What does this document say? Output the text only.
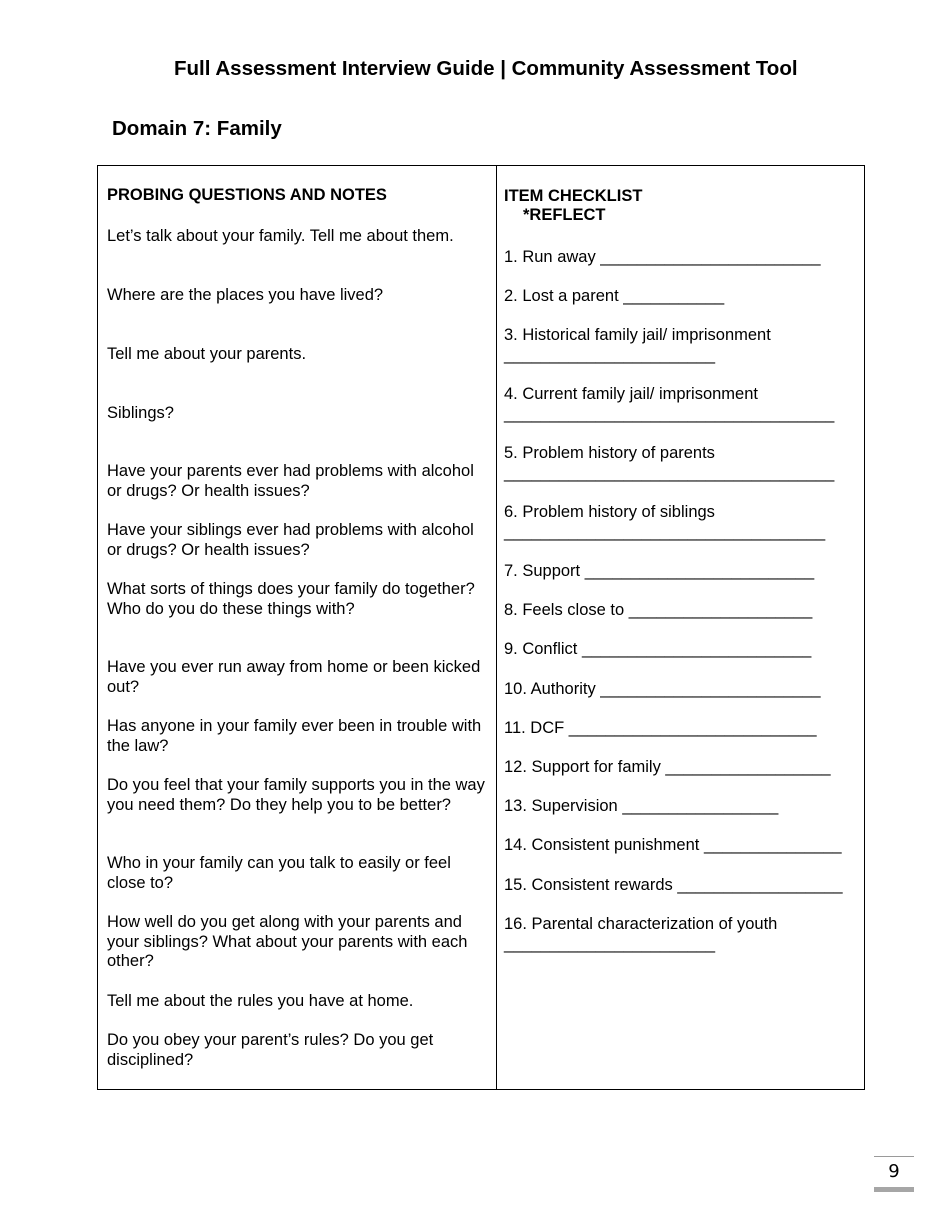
Full Assessment Interview Guide | Community Assessment Tool
Domain 7: Family
PROBING QUESTIONS AND NOTES
Let’s talk about your family. Tell me about them.
Where are the places you have lived?
Tell me about your parents.
Siblings?
Have your parents ever had problems with alcohol or drugs? Or health issues?
Have your siblings ever had problems with alcohol or drugs? Or health issues?
What sorts of things does your family do together? Who do you do these things with?
Have you ever run away from home or been kicked out?
Has anyone in your family ever been in trouble with the law?
Do you feel that your family supports you in the way you need them? Do they help you to be better?
Who in your family can you talk to easily or feel close to?
How well do you get along with your parents and your siblings? What about your parents with each other?
Tell me about the rules you have at home.
Do you obey your parent’s rules? Do you get disciplined?
ITEM CHECKLIST
*REFLECT
1. Run away ________________________
2. Lost a parent ___________
3. Historical family jail/ imprisonment
_______________________
4. Current family jail/ imprisonment
____________________________________
5. Problem history of parents
____________________________________
6. Problem history of siblings
___________________________________
7. Support _________________________
8. Feels close to ____________________
9. Conflict _________________________
10. Authority ________________________
11. DCF ___________________________
12. Support for family __________________
13. Supervision _________________
14. Consistent punishment _______________
15. Consistent rewards __________________
16. Parental characterization of youth
_______________________
9
